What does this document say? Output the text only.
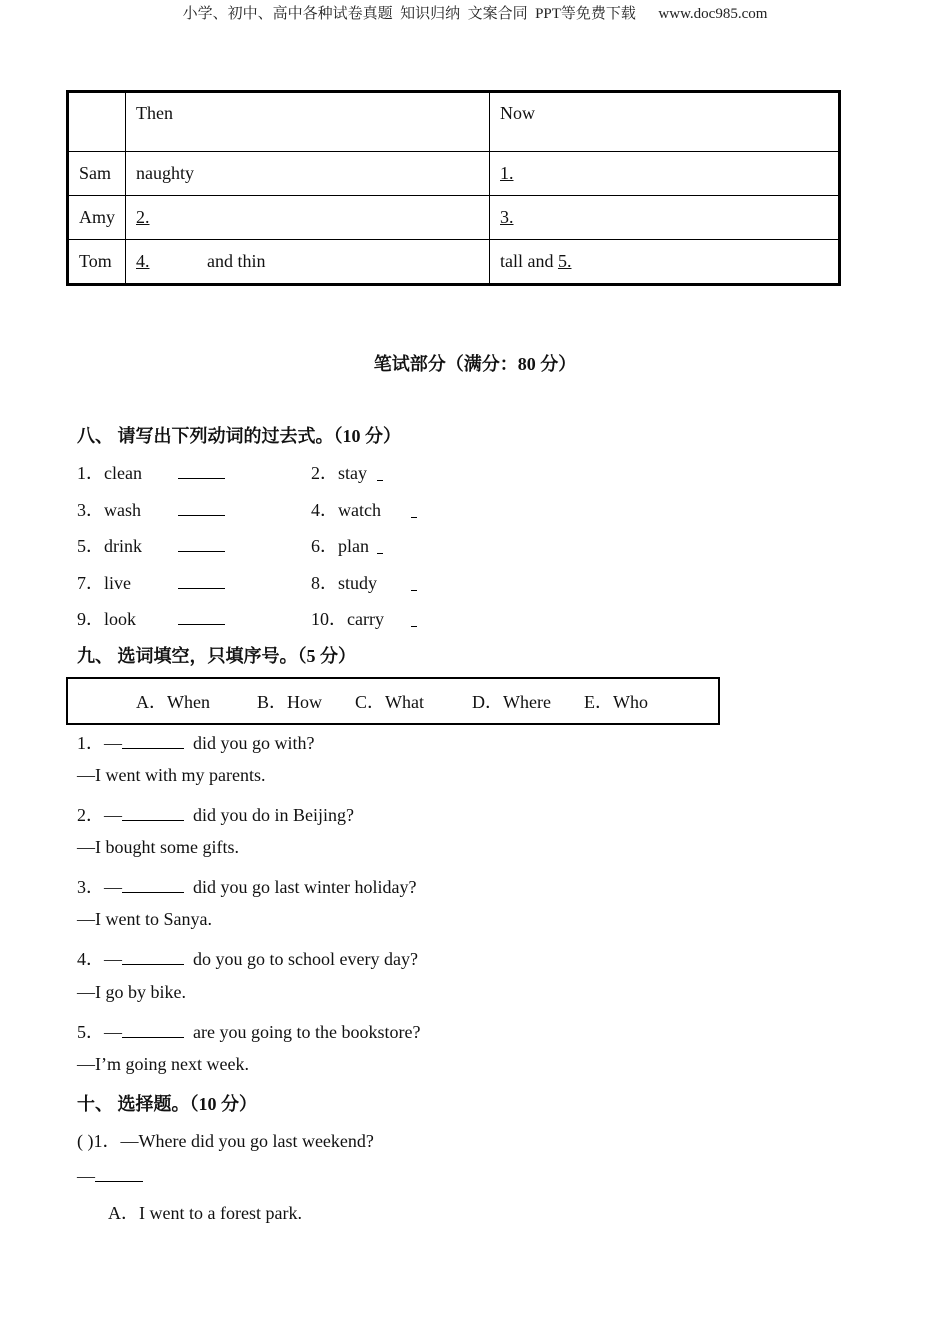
小学、初中、高中各种试卷真题  知识归纳  文案合同  PPT等免费下载      www.doc985.com
	Then	Now
Sam	naughty	1.
Amy	2.	3.
Tom	4. and thin	tall and 5.
笔试部分（满分：80 分）
八、 请写出下列动词的过去式。（10 分）
1．clean	2．stay
3．wash	4．watch
5．drink	6．plan
7．live	8．study
9．look	10．carry
九、 选词填空，只填序号。（5 分）
A．When	B．How C．What	D．Where E．Who
1．—	did you go with?
—I went with my parents.
2．—	did you do in Beijing?
—I bought some gifts.
3．—	did you go last winter holiday?
—I went to Sanya.
4．—	do you go to school every day?
—I go by bike.
5．—	are you going to the bookstore?
—I’m going next week.
十、 选择题。（10 分）
( )1．—Where did you go last weekend?
—
A．I went to a forest park.
